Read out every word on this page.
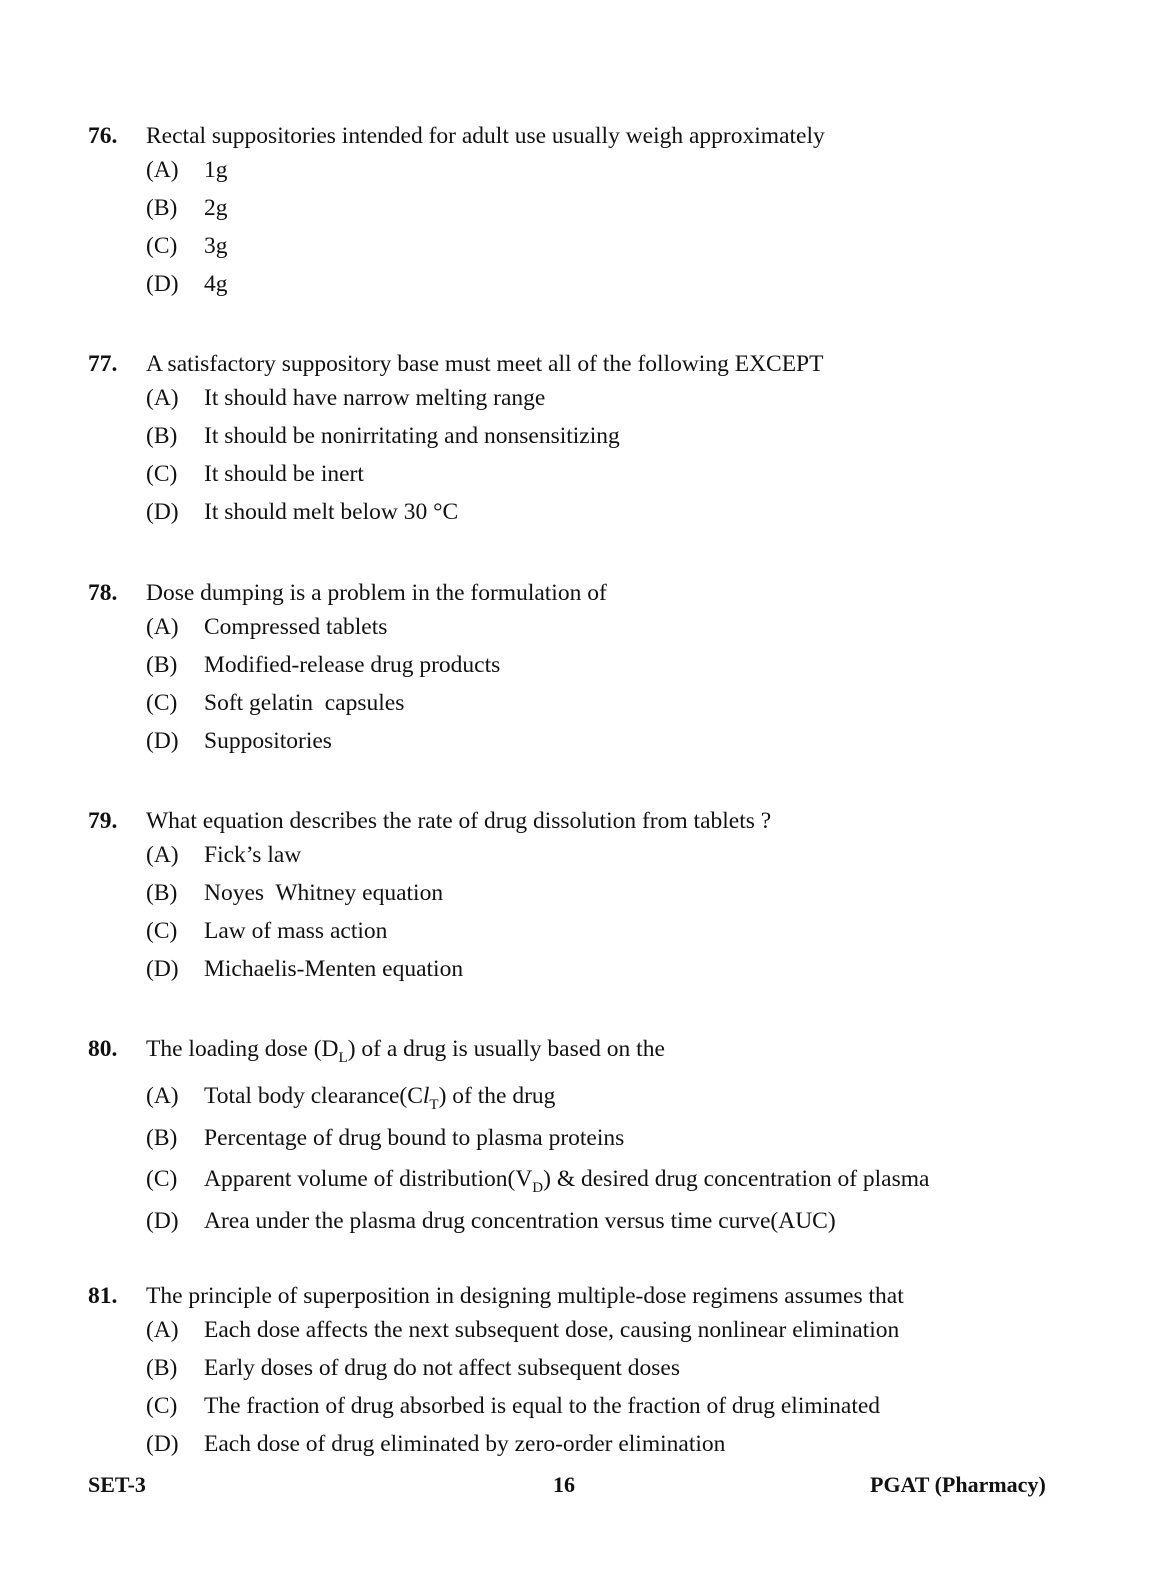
76. Rectal suppositories intended for adult use usually weigh approximately
(A) 1g
(B) 2g
(C) 3g
(D) 4g
77. A satisfactory suppository base must meet all of the following EXCEPT
(A) It should have narrow melting range
(B) It should be nonirritating and nonsensitizing
(C) It should be inert
(D) It should melt below 30 °C
78. Dose dumping is a problem in the formulation of
(A) Compressed tablets
(B) Modified-release drug products
(C) Soft gelatin  capsules
(D) Suppositories
79. What equation describes the rate of drug dissolution from tablets ?
(A) Fick’s law
(B) Noyes  Whitney equation
(C) Law of mass action
(D) Michaelis-Menten equation
80. The loading dose $(D_L)$ of a drug is usually based on the
(A) Total body $clearance(Cl_T)$ of the drug
(B) Percentage of drug bound to plasma proteins
(C) Apparent volume of $distribution(V_D)$ & desired drug concentration of plasma
(D) Area under the plasma drug concentration versus time curve(AUC)
81. The principle of superposition in designing multiple-dose regimens assumes that
(A) Each dose affects the next subsequent dose, causing nonlinear elimination
(B) Early doses of drug do not affect subsequent doses
(C) The fraction of drug absorbed is equal to the fraction of drug eliminated
(D) Each dose of drug eliminated by zero-order elimination
SET-3	16	PGAT (Pharmacy)
